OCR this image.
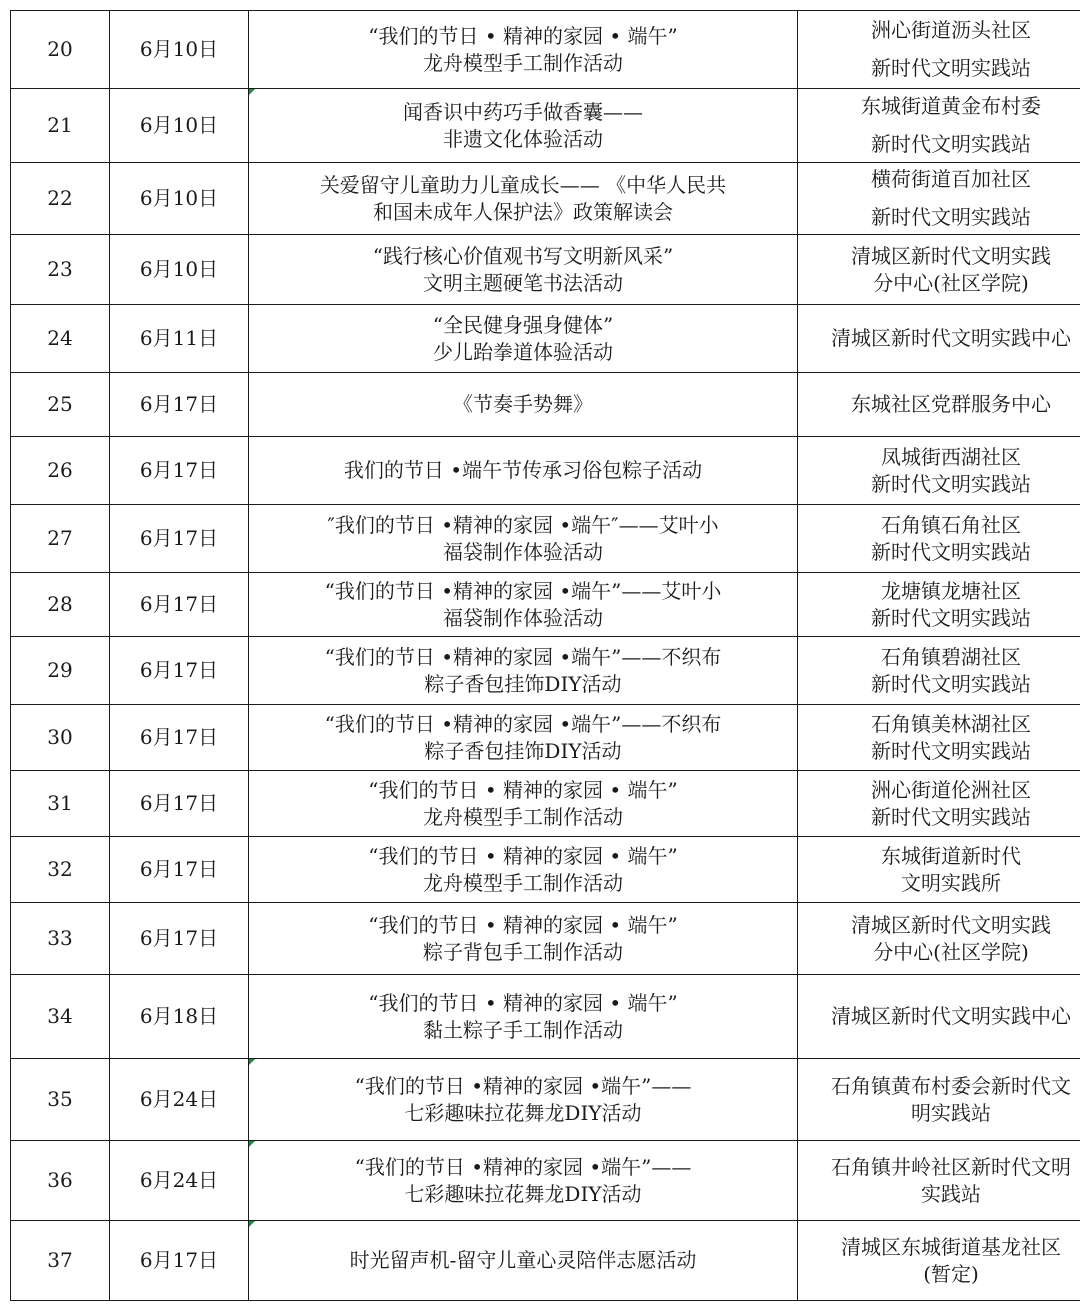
20	6月10日	“我们的节日 • 精神的家园 • 端午”
龙舟模型手工制作活动	洲心街道沥头社区
新时代文明实践站

21	6月10日	闻香识中药巧手做香囊——
非遗文化体验活动	东城街道黄金布村委
新时代文明实践站

22	6月10日	关爱留守儿童助力儿童成长—— 《中华人民共
和国未成年人保护法》政策解读会	横荷街道百加社区
新时代文明实践站

23	6月10日	“践行核心价值观书写文明新风采”
文明主题硬笔书法活动	清城区新时代文明实践
分中心(社区学院)

24	6月11日	“全民健身强身健体”
少儿跆拳道体验活动	清城区新时代文明实践中心

25	6月17日	《节奏手势舞》	东城社区党群服务中心

26	6月17日	我们的节日 •端午节传承习俗包粽子活动	凤城街西湖社区
新时代文明实践站

27	6月17日	″我们的节日 •精神的家园 •端午″——艾叶小
福袋制作体验活动	石角镇石角社区
新时代文明实践站

28	6月17日	“我们的节日 •精神的家园 •端午”——艾叶小
福袋制作体验活动	龙塘镇龙塘社区
新时代文明实践站

29	6月17日	“我们的节日 •精神的家园 •端午”——不织布
粽子香包挂饰DIY活动	石角镇碧湖社区
新时代文明实践站

30	6月17日	“我们的节日 •精神的家园 •端午”——不织布
粽子香包挂饰DIY活动	石角镇美林湖社区
新时代文明实践站

31	6月17日	“我们的节日 • 精神的家园 • 端午”
龙舟模型手工制作活动	洲心街道伦洲社区
新时代文明实践站

32	6月17日	“我们的节日 • 精神的家园 • 端午”
龙舟模型手工制作活动	东城街道新时代
文明实践所

33	6月17日	“我们的节日 • 精神的家园 • 端午”
粽子背包手工制作活动	清城区新时代文明实践
分中心(社区学院)

34	6月18日	“我们的节日 • 精神的家园 • 端午”
黏土粽子手工制作活动	清城区新时代文明实践中心

35	6月24日	“我们的节日 •精神的家园 •端午”——
七彩趣味拉花舞龙DIY活动	石角镇黄布村委会新时代文
明实践站

36	6月24日	“我们的节日 •精神的家园 •端午”——
七彩趣味拉花舞龙DIY活动	石角镇井岭社区新时代文明
实践站

37	6月17日	时光留声机-留守儿童心灵陪伴志愿活动	清城区东城街道基龙社区
(暂定)
